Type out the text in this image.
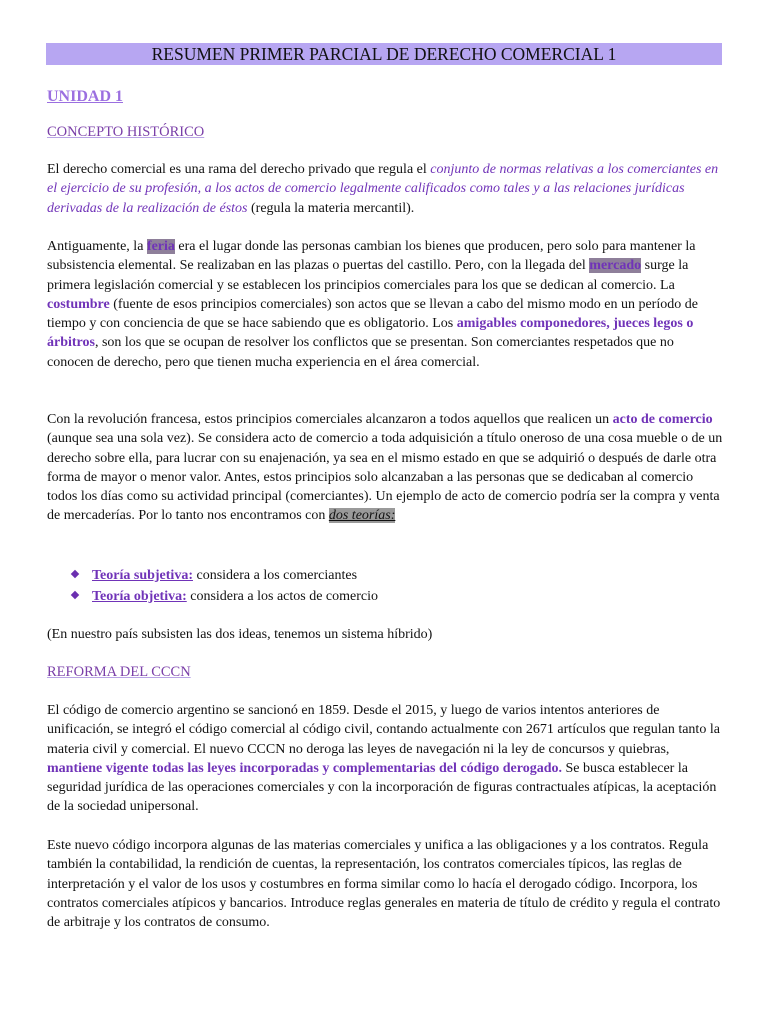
RESUMEN PRIMER PARCIAL DE DERECHO COMERCIAL 1
UNIDAD 1
CONCEPTO HISTÓRICO

El derecho comercial es una rama del derecho privado que regula el conjunto de normas relativas a los comerciantes en el ejercicio de su profesión, a los actos de comercio legalmente calificados como tales y a las relaciones jurídicas derivadas de la realización de éstos (regula la materia mercantil).

Antiguamente, la feria era el lugar donde las personas cambian los bienes que producen, pero solo para mantener la subsistencia elemental. Se realizaban en las plazas o puertas del castillo. Pero, con la llegada del mercado surge la primera legislación comercial y se establecen los principios comerciales para los que se dedican al comercio. La costumbre (fuente de esos principios comerciales) son actos que se llevan a cabo del mismo modo en un período de tiempo y con conciencia de que se hace sabiendo que es obligatorio. Los amigables componedores, jueces legos o árbitros, son los que se ocupan de resolver los conflictos que se presentan. Son comerciantes respetados que no conocen de derecho, pero que tienen mucha experiencia en el área comercial.

Con la revolución francesa, estos principios comerciales alcanzaron a todos aquellos que realicen un acto de comercio (aunque sea una sola vez). Se considera acto de comercio a toda adquisición a título oneroso de una cosa mueble o de un derecho sobre ella, para lucrar con su enajenación, ya sea en el mismo estado en que se adquirió o después de darle otra forma de mayor o menor valor. Antes, estos principios solo alcanzaban a las personas que se dedicaban al comercio todos los días como su actividad principal (comerciantes). Un ejemplo de acto de comercio podría ser la compra y venta de mercaderías. Por lo tanto nos encontramos con dos teorías:

Teoría subjetiva: considera a los comerciantes
Teoría objetiva: considera a los actos de comercio

(En nuestro país subsisten las dos ideas, tenemos un sistema híbrido)

REFORMA DEL CCCN

El código de comercio argentino se sancionó en 1859. Desde el 2015, y luego de varios intentos anteriores de unificación, se integró el código comercial al código civil, contando actualmente con 2671 artículos que regulan tanto la materia civil y comercial. El nuevo CCCN no deroga las leyes de navegación ni la ley de concursos y quiebras, mantiene vigente todas las leyes incorporadas y complementarias del código derogado. Se busca establecer la seguridad jurídica de las operaciones comerciales y con la incorporación de figuras contractuales atípicas, la aceptación de la sociedad unipersonal.

Este nuevo código incorpora algunas de las materias comerciales y unifica a las obligaciones y a los contratos. Regula también la contabilidad, la rendición de cuentas, la representación, los contratos comerciales típicos, las reglas de interpretación y el valor de los usos y costumbres en forma similar como lo hacía el derogado código. Incorpora, los contratos comerciales atípicos y bancarios. Introduce reglas generales en materia de título de crédito y regula el contrato de arbitraje y los contratos de consumo.
